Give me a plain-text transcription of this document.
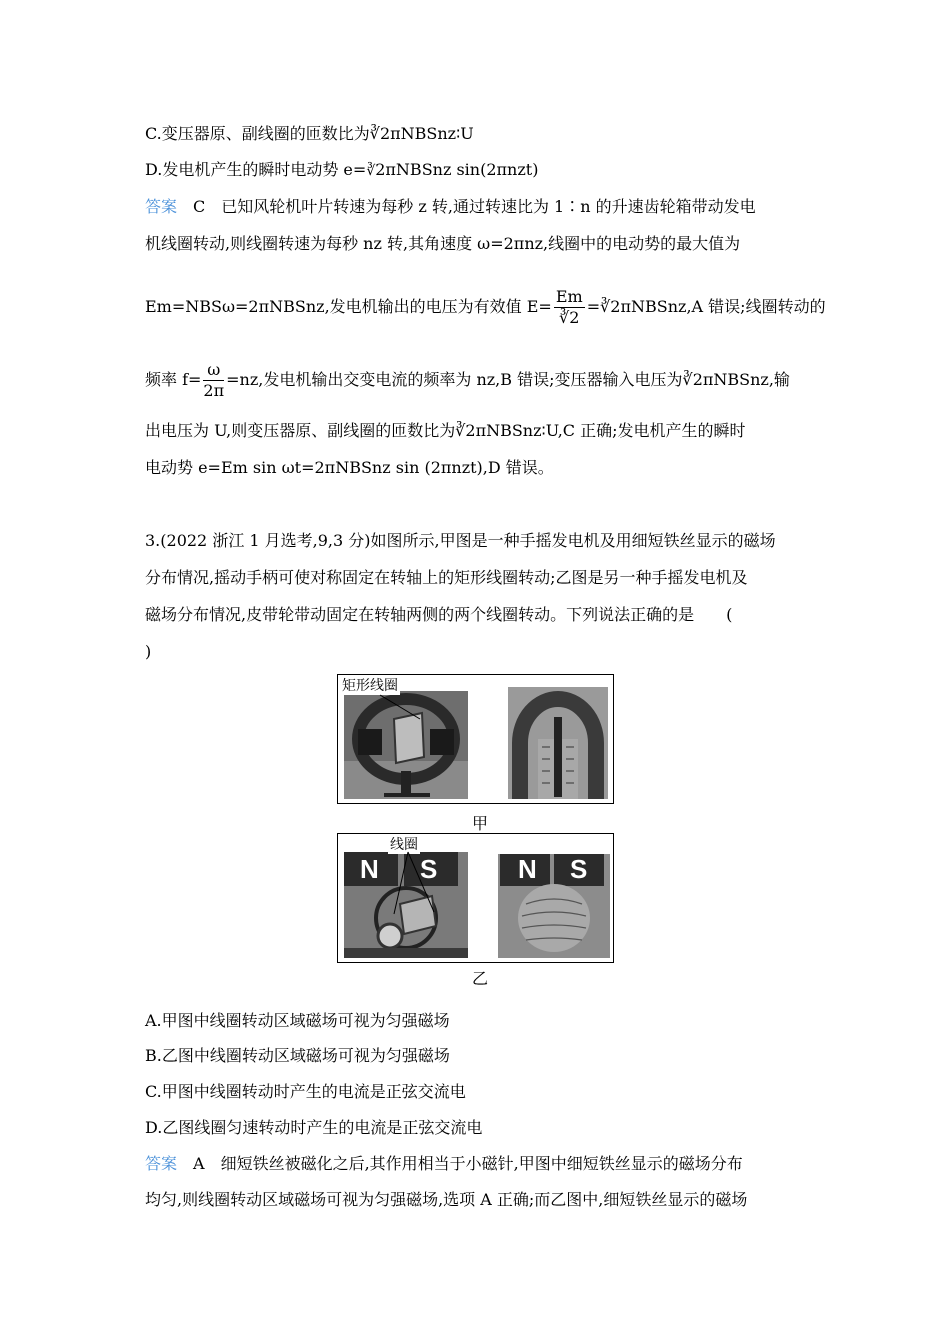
C.变压器原、副线圈的匝数比为∛2πNBSnz∶U
D.发电机产生的瞬时电动势 e=∛2πNBSnz sin(2πnzt)
答案　 C　已知风轮机叶片转速为每秒 z 转,通过转速比为 1∶n 的升速齿轮箱带动发电
机线圈转动,则线圈转速为每秒 nz 转,其角速度 ω=2πnz,线圈中的电动势的最大值为
Em=NBSω=2πNBSnz,发电机输出的电压为有效值 $E= \frac{Em}{∛2}$ =∛2πNBSnz,A 错误;线圈转动的
频率 $f= \frac{\omega}{2\pi} =nz$,发电机输出交变电流的频率为 nz,B 错误;变压器输入电压为∛2πNBSnz,输
出电压为 U,则变压器原、副线圈的匝数比为∛2πNBSnz∶U,C 正确;发电机产生的瞬时
电动势 e=Em sin ωt=2πNBSnz sin (2πnzt),D 错误。
3.(2022 浙江 1 月选考,9,3 分)如图所示,甲图是一种手摇发电机及用细短铁丝显示的磁场
分布情况,摇动手柄可使对称固定在转轴上的矩形线圈转动;乙图是另一种手摇发电机及
磁场分布情况,皮带轮带动固定在转轴两侧的两个线圈转动。下列说法正确的是　　(
)
矩形线圈
甲
N S	N S
线圈
乙
A.甲图中线圈转动区域磁场可视为匀强磁场
B.乙图中线圈转动区域磁场可视为匀强磁场
C.甲图中线圈转动时产生的电流是正弦交流电
D.乙图线圈匀速转动时产生的电流是正弦交流电
答案　 A　细短铁丝被磁化之后,其作用相当于小磁针,甲图中细短铁丝显示的磁场分布
均匀,则线圈转动区域磁场可视为匀强磁场,选项 A 正确;而乙图中,细短铁丝显示的磁场
